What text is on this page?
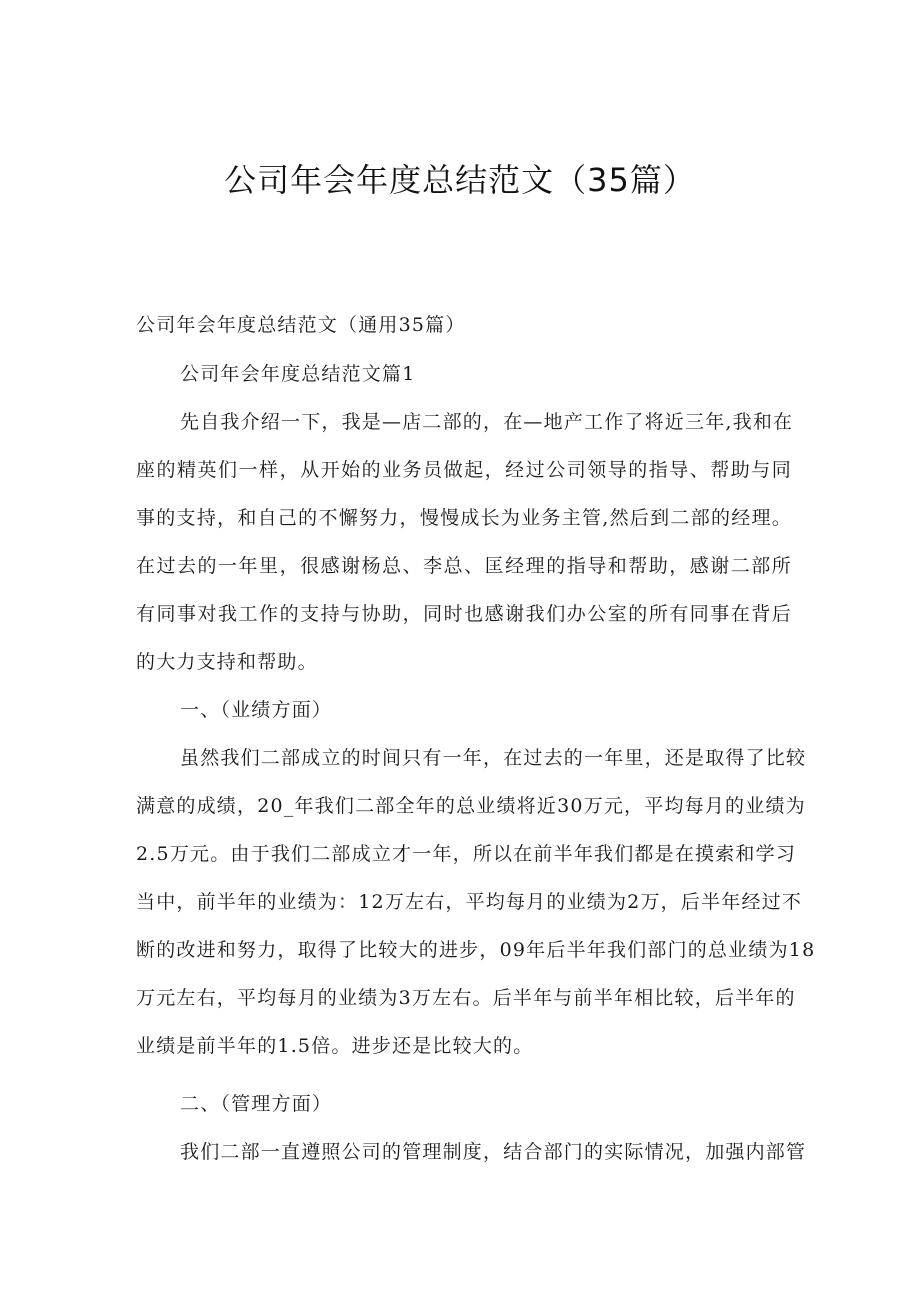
公司年会年度总结范文（35篇）

公司年会年度总结范文（通用35篇）

公司年会年度总结范文篇1
先自我介绍一下，我是—店二部的，在—地产工作了将近三年,我和在
座的精英们一样，从开始的业务员做起，经过公司领导的指导、帮助与同
事的支持，和自己的不懈努力，慢慢成长为业务主管,然后到二部的经理。
在过去的一年里，很感谢杨总、李总、匡经理的指导和帮助，感谢二部所
有同事对我工作的支持与协助，同时也感谢我们办公室的所有同事在背后
的大力支持和帮助。
一、（业绩方面）
虽然我们二部成立的时间只有一年，在过去的一年里，还是取得了比较
满意的成绩，20_年我们二部全年的总业绩将近30万元，平均每月的业绩为
2.5万元。由于我们二部成立才一年，所以在前半年我们都是在摸索和学习
当中，前半年的业绩为：12万左右，平均每月的业绩为2万，后半年经过不
断的改进和努力，取得了比较大的进步，09年后半年我们部门的总业绩为18
万元左右，平均每月的业绩为3万左右。后半年与前半年相比较，后半年的
业绩是前半年的1.5倍。进步还是比较大的。
二、（管理方面）
我们二部一直遵照公司的管理制度，结合部门的实际情况，加强内部管
